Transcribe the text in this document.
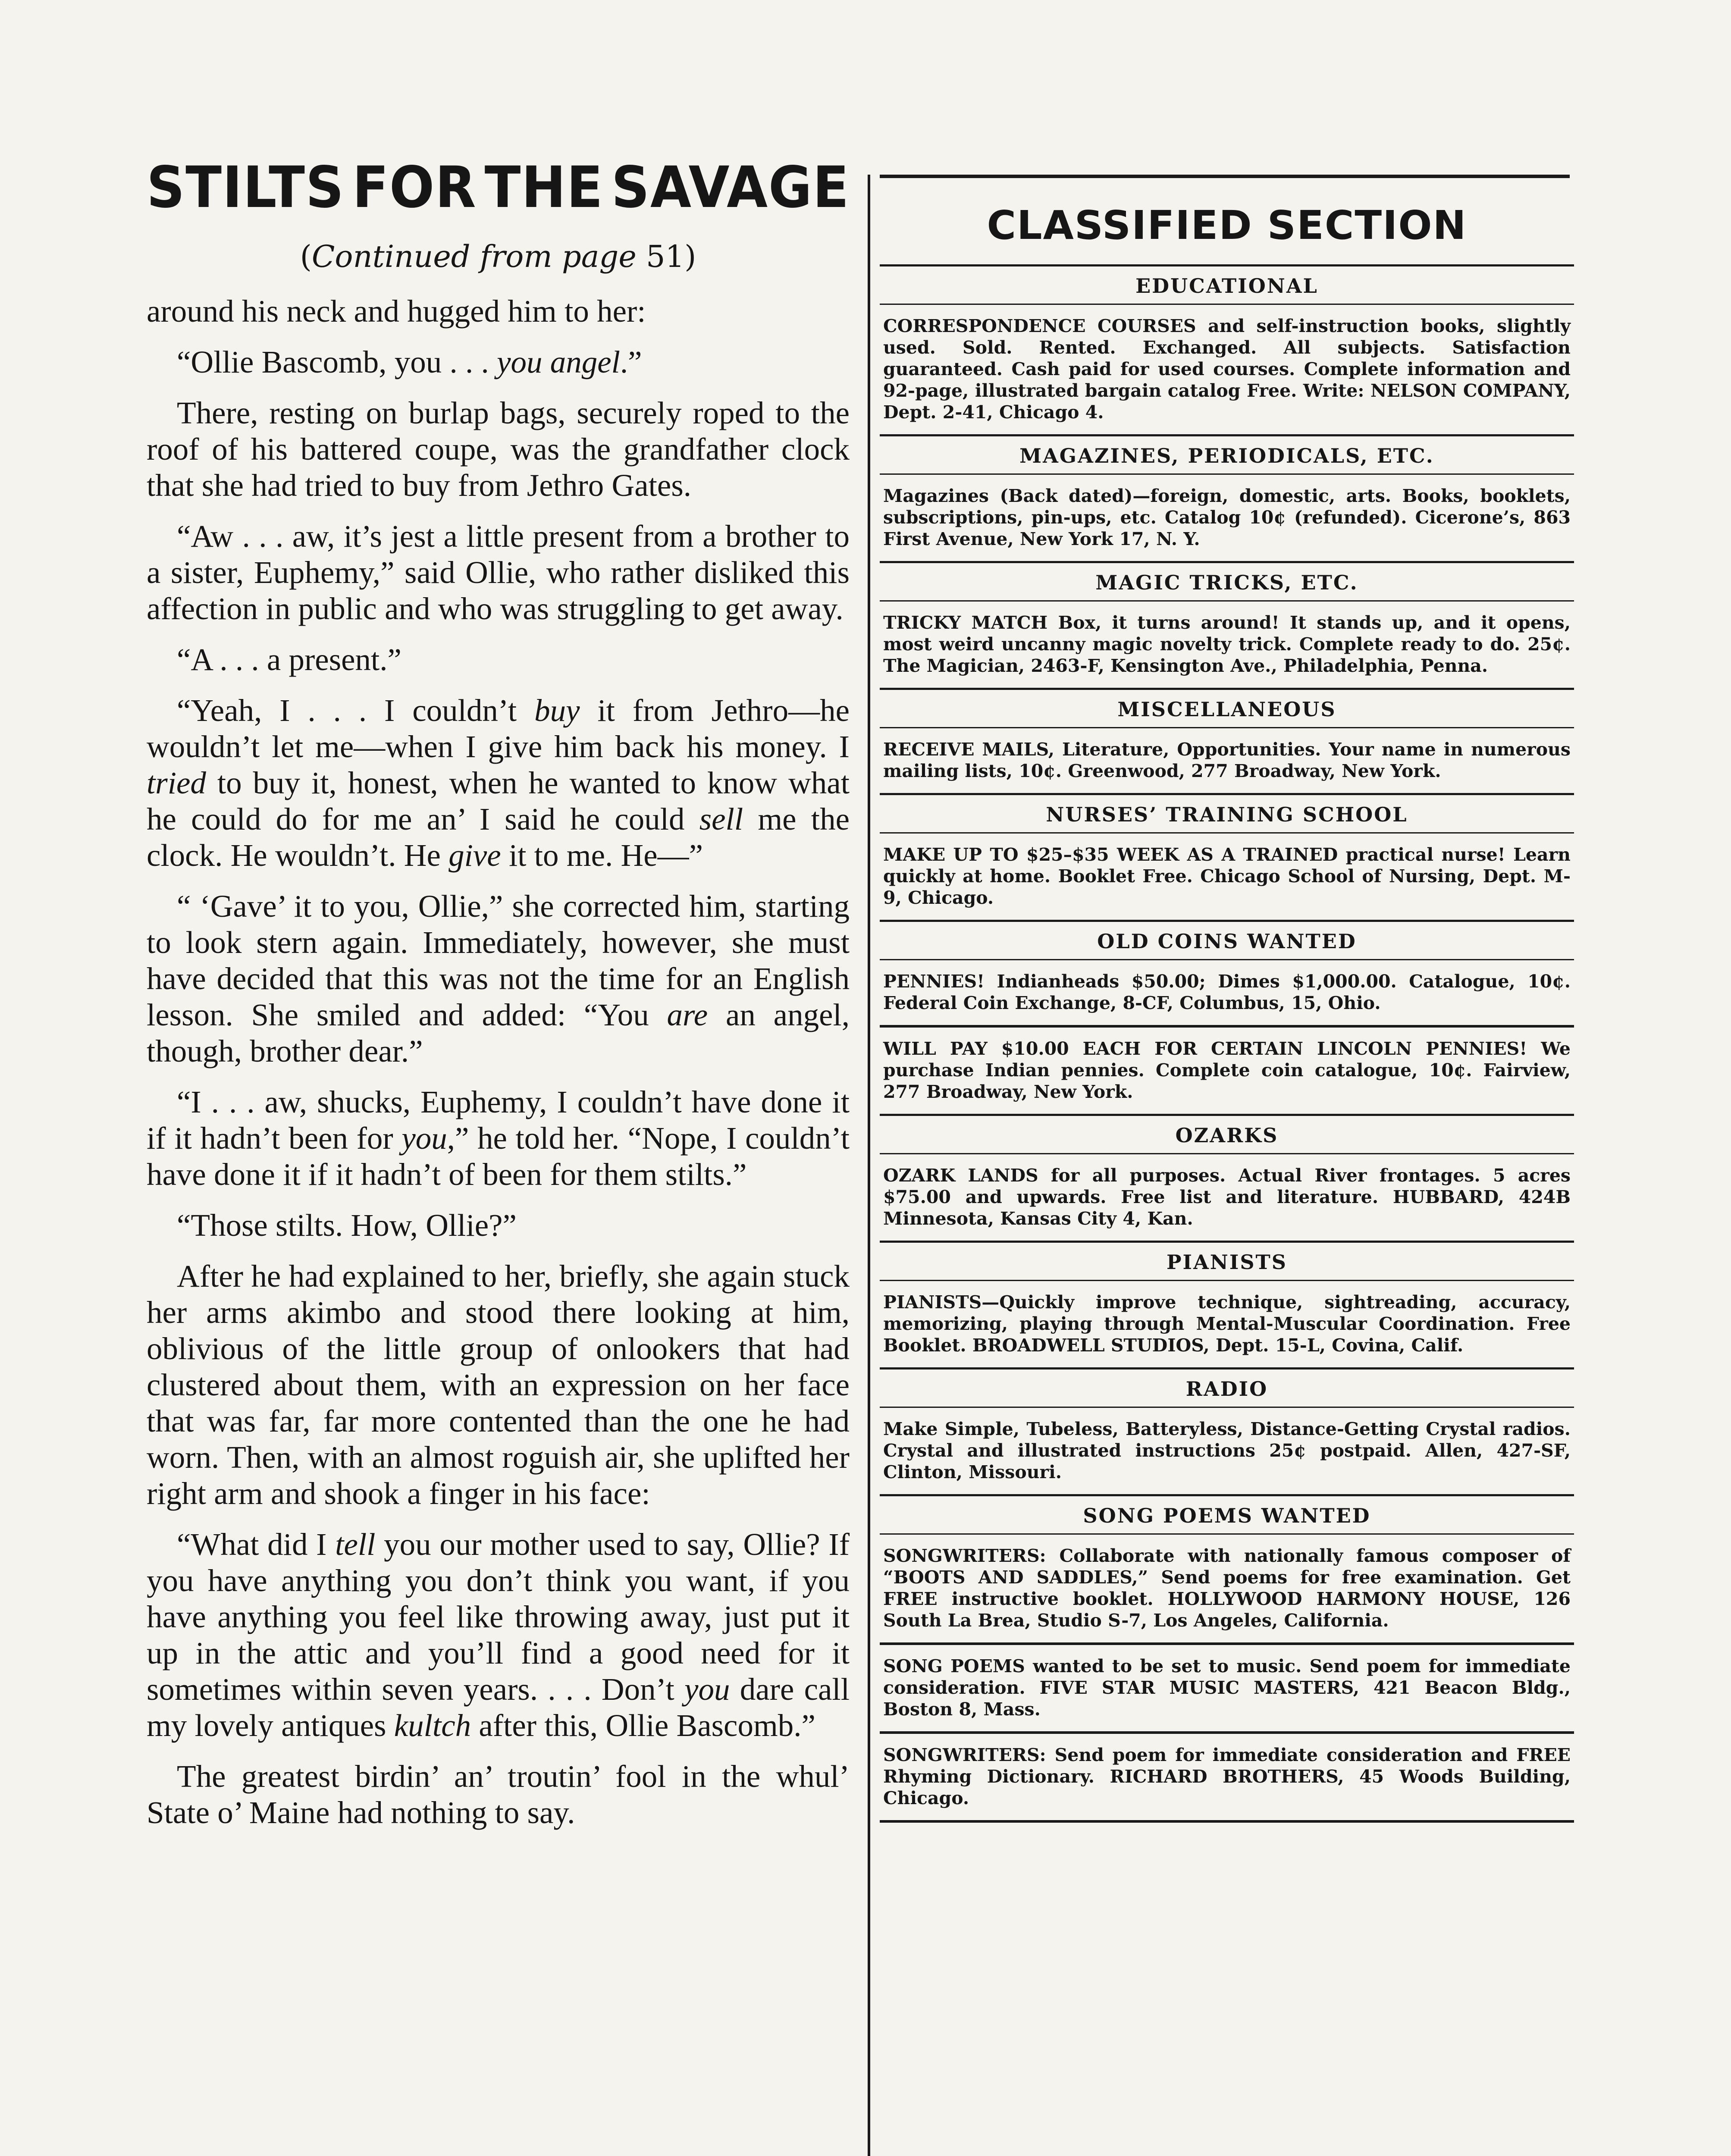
STILTS FOR THE SAVAGE
(Continued from page 51)

around his neck and hugged him to her:

“Ollie Bascomb, you . . . you angel.”

There, resting on burlap bags, securely roped to the roof of his battered coupe, was the grandfather clock that she had tried to buy from Jethro Gates.

“Aw . . . aw, it’s jest a little present from a brother to a sister, Euphemy,” said Ollie, who rather disliked this affection in public and who was struggling to get away.

“A . . . a present.”

“Yeah, I . . . I couldn’t buy it from Jethro—he wouldn’t let me—when I give him back his money. I tried to buy it, honest, when he wanted to know what he could do for me an’ I said he could sell me the clock. He wouldn’t. He give it to me. He—”

“ ‘Gave’ it to you, Ollie,” she corrected him, starting to look stern again. Immediately, however, she must have decided that this was not the time for an English lesson. She smiled and added: “You are an angel, though, brother dear.”

“I . . . aw, shucks, Euphemy, I couldn’t have done it if it hadn’t been for you,” he told her. “Nope, I couldn’t have done it if it hadn’t of been for them stilts.”

“Those stilts. How, Ollie?”

After he had explained to her, briefly, she again stuck her arms akimbo and stood there looking at him, oblivious of the little group of onlookers that had clustered about them, with an expression on her face that was far, far more contented than the one he had worn. Then, with an almost roguish air, she uplifted her right arm and shook a finger in his face:

“What did I tell you our mother used to say, Ollie? If you have anything you don’t think you want, if you have anything you feel like throwing away, just put it up in the attic and you’ll find a good need for it sometimes within seven years. . . . Don’t you dare call my lovely antiques kultch after this, Ollie Bascomb.”

The greatest birdin’ an’ troutin’ fool in the whul’ State o’ Maine had nothing to say.

CLASSIFIED SECTION
EDUCATIONAL
CORRESPONDENCE COURSES and self-instruction books, slightly used. Sold. Rented. Exchanged. All subjects. Satisfaction guaranteed. Cash paid for used courses. Complete information and 92-page, illustrated bargain catalog Free. Write: NELSON COMPANY, Dept. 2-41, Chicago 4.
MAGAZINES, PERIODICALS, ETC.
Magazines (Back dated)—foreign, domestic, arts. Books, booklets, subscriptions, pin-ups, etc. Catalog 10¢ (refunded). Cicerone’s, 863 First Avenue, New York 17, N. Y.
MAGIC TRICKS, ETC.
TRICKY MATCH Box, it turns around! It stands up, and it opens, most weird uncanny magic novelty trick. Complete ready to do. 25¢. The Magician, 2463-F, Kensington Ave., Philadelphia, Penna.
MISCELLANEOUS
RECEIVE MAILS, Literature, Opportunities. Your name in numerous mailing lists, 10¢. Greenwood, 277 Broadway, New York.
NURSES’ TRAINING SCHOOL
MAKE UP TO $25–$35 WEEK AS A TRAINED practical nurse! Learn quickly at home. Booklet Free. Chicago School of Nursing, Dept. M-9, Chicago.
OLD COINS WANTED
PENNIES! Indianheads $50.00; Dimes $1,000.00. Catalogue, 10¢. Federal Coin Exchange, 8-CF, Columbus, 15, Ohio.
WILL PAY $10.00 EACH FOR CERTAIN LINCOLN PENNIES! We purchase Indian pennies. Complete coin catalogue, 10¢. Fairview, 277 Broadway, New York.
OZARKS
OZARK LANDS for all purposes. Actual River frontages. 5 acres $75.00 and upwards. Free list and literature. HUBBARD, 424B Minnesota, Kansas City 4, Kan.
PIANISTS
PIANISTS—Quickly improve technique, sightreading, accuracy, memorizing, playing through Mental-Muscular Coordination. Free Booklet. BROADWELL STUDIOS, Dept. 15-L, Covina, Calif.
RADIO
Make Simple, Tubeless, Batteryless, Distance-Getting Crystal radios. Crystal and illustrated instructions 25¢ postpaid. Allen, 427-SF, Clinton, Missouri.
SONG POEMS WANTED
SONGWRITERS: Collaborate with nationally famous composer of “BOOTS AND SADDLES,” Send poems for free examination. Get FREE instructive booklet. HOLLYWOOD HARMONY HOUSE, 126 South La Brea, Studio S-7, Los Angeles, California.
SONG POEMS wanted to be set to music. Send poem for immediate consideration. FIVE STAR MUSIC MASTERS, 421 Beacon Bldg., Boston 8, Mass.
SONGWRITERS: Send poem for immediate consideration and FREE Rhyming Dictionary. RICHARD BROTHERS, 45 Woods Building, Chicago.
